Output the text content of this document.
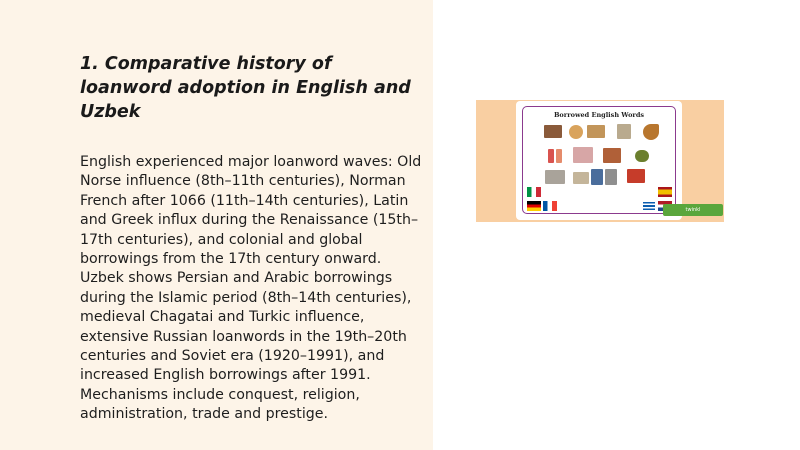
1. Comparative history of loanword adoption in English and Uzbek

English experienced major loanword waves: Old Norse influence (8th–11th centuries), Norman French after 1066 (11th–14th centuries), Latin and Greek influx during the Renaissance (15th–17th centuries), and colonial and global borrowings from the 17th century onward. Uzbek shows Persian and Arabic borrowings during the Islamic period (8th–14th centuries), medieval Chagatai and Turkic influence, extensive Russian loanwords in the 19th–20th centuries and Soviet era (1920–1991), and increased English borrowings after 1991. Mechanisms include conquest, religion, administration, trade and prestige.

Borrowed English Words
twinkl
